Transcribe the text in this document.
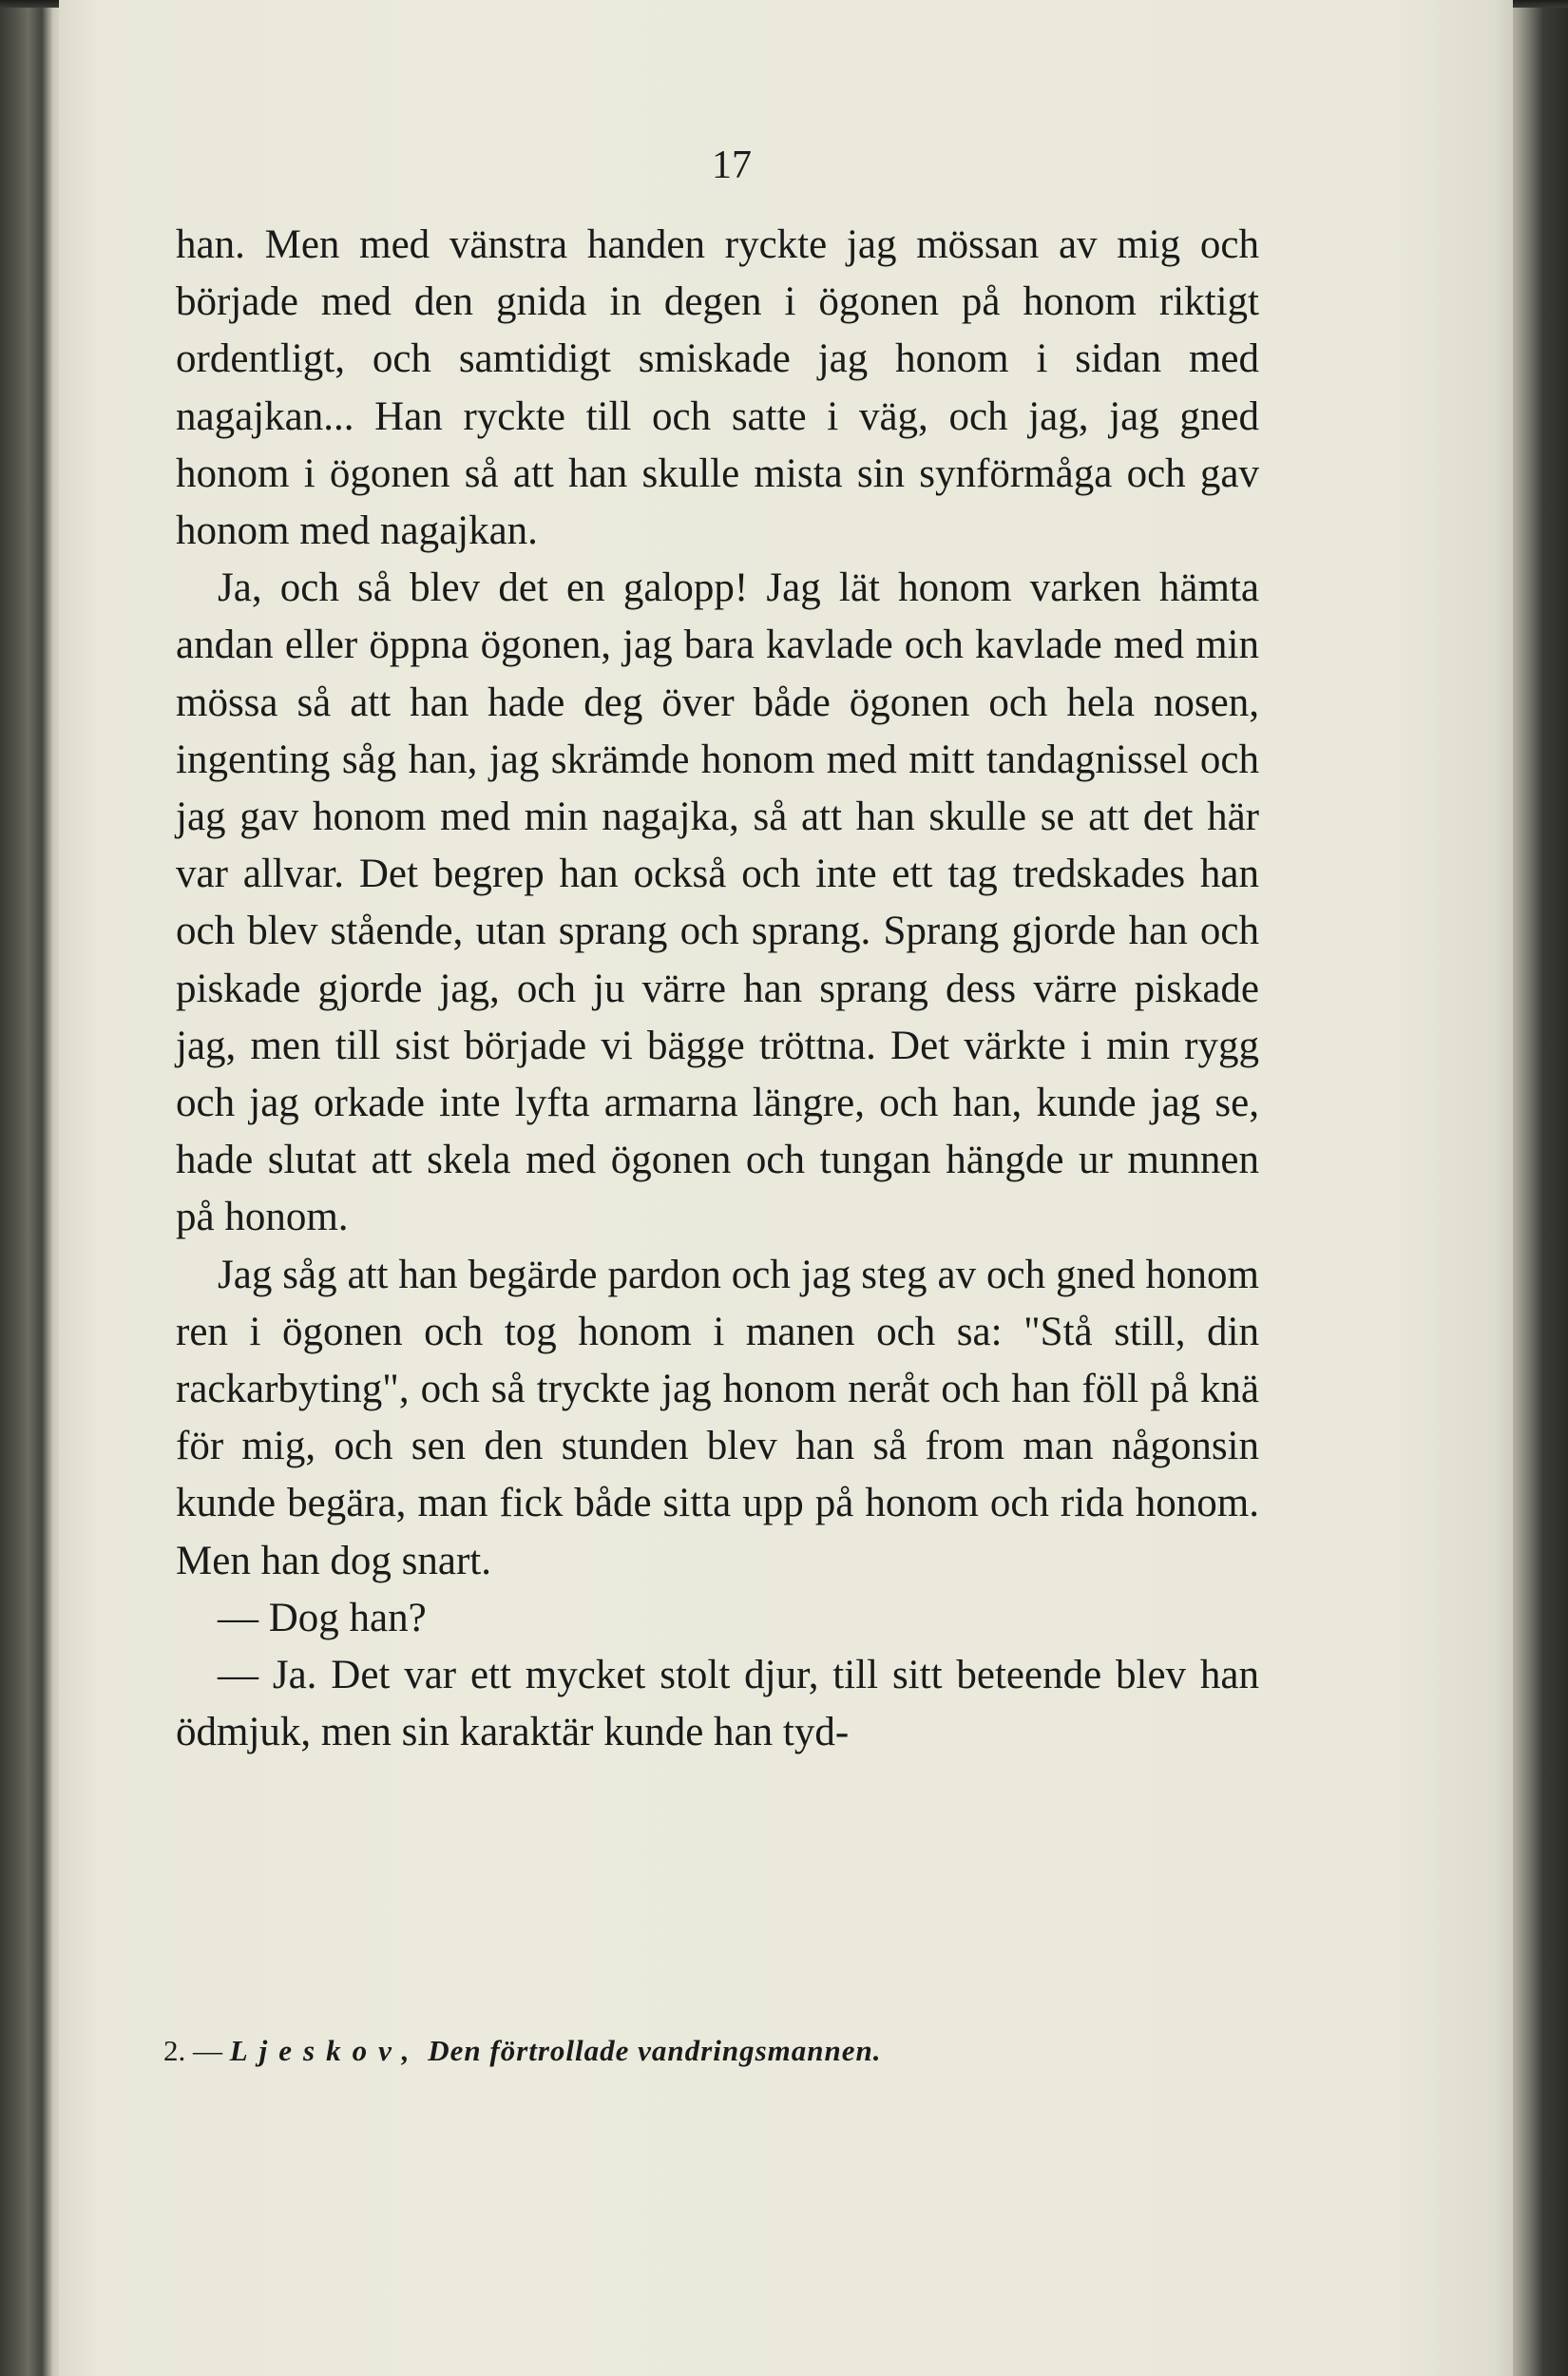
17

han. Men med vänstra handen ryckte jag mössan av mig och började med den gnida in degen i ögonen på honom riktigt ordentligt, och samtidigt smiskade jag honom i sidan med nagajkan... Han ryckte till och satte i väg, och jag, jag gned honom i ögonen så att han skulle mista sin synförmåga och gav honom med nagajkan.

Ja, och så blev det en galopp! Jag lät honom varken hämta andan eller öppna ögonen, jag bara kavlade och kavlade med min mössa så att han hade deg över både ögonen och hela nosen, ingenting såg han, jag skrämde honom med mitt tandagnissel och jag gav honom med min nagajka, så att han skulle se att det här var allvar. Det begrep han också och inte ett tag tredskades han och blev stående, utan sprang och sprang. Sprang gjorde han och piskade gjorde jag, och ju värre han sprang dess värre piskade jag, men till sist började vi bägge tröttna. Det värkte i min rygg och jag orkade inte lyfta armarna längre, och han, kunde jag se, hade slutat att skela med ögonen och tungan hängde ur munnen på honom.

Jag såg att han begärde pardon och jag steg av och gned honom ren i ögonen och tog honom i manen och sa: "Stå still, din rackarbyting", och så tryckte jag honom neråt och han föll på knä för mig, och sen den stunden blev han så from man någonsin kunde begära, man fick både sitta upp på honom och rida honom. Men han dog snart.

— Dog han?

— Ja. Det var ett mycket stolt djur, till sitt beteende blev han ödmjuk, men sin karaktär kunde han tyd-

2. — Ljeskov, Den förtrollade vandringsmannen.
